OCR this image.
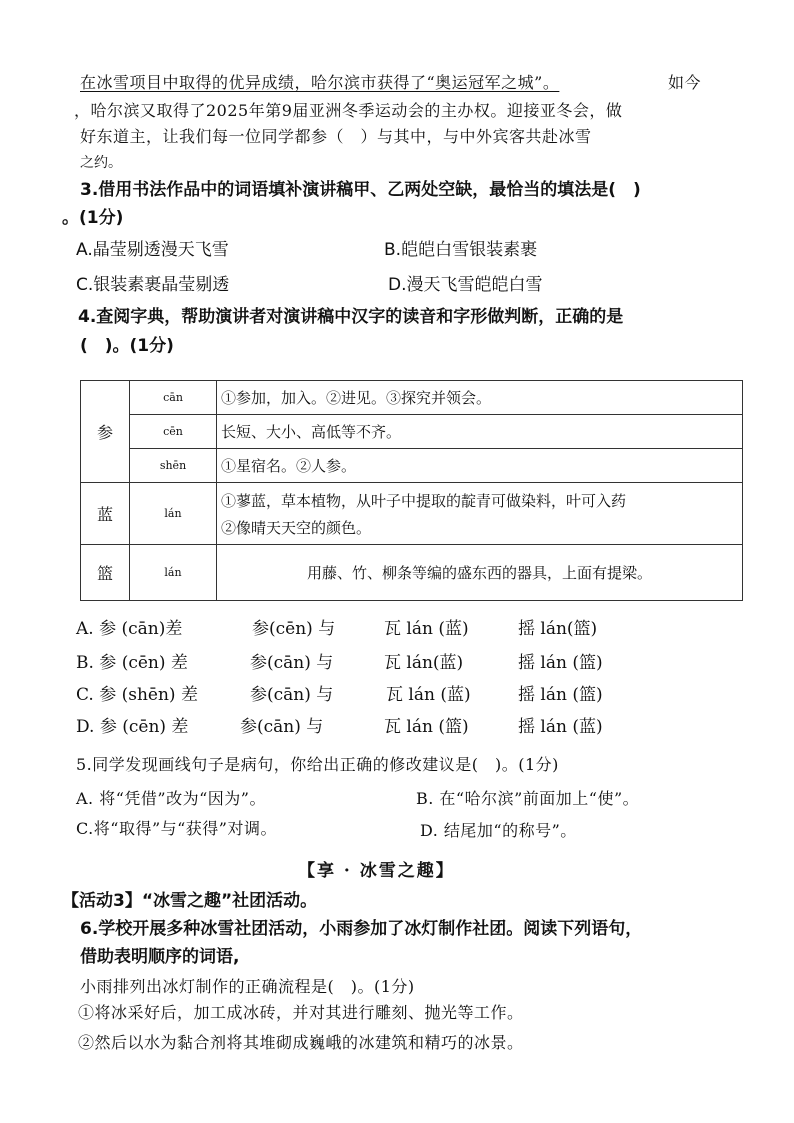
在冰雪项目中取得的优异成绩，哈尔滨市获得了“奥运冠军之城”。	如今
，哈尔滨又取得了2025年第9届亚洲冬季运动会的主办权。迎接亚冬会，做
好东道主，让我们每一位同学都参（　）与其中，与中外宾客共赴冰雪
之约。
3.借用书法作品中的词语填补演讲稿甲、乙两处空缺，最恰当的填法是(　)
。(1分)
A.晶莹剔透漫天飞雪	B.皑皑白雪银装素裹
C.银装素裹晶莹剔透	D.漫天飞雪皑皑白雪
4.查阅字典，帮助演讲者对演讲稿中汉字的读音和字形做判断，正确的是
(　)。(1分)
参	cān	①参加，加入。②进见。③探究并领会。
	cēn	长短、大小、高低等不齐。
	shēn	①星宿名。②人参。
蓝	lán	①蓼蓝，草本植物，从叶子中提取的靛青可做染料，叶可入药
②像晴天天空的颜色。

篮	lán	用藤、竹、柳条等编的盛东西的器具，上面有提梁。
A. 参 (cān)差	参(cēn) 与	瓦 lán (蓝)	摇 lán(篮)
B. 参 (cēn) 差	参(cān) 与	瓦 lán(蓝)	摇 lán (篮)
C. 参 (shēn) 差	参(cān) 与	瓦 lán (蓝)	摇 lán (篮)
D. 参 (cēn) 差	参(cān) 与	瓦 lán (篮)	摇 lán (蓝)
5.同学发现画线句子是病句，你给出正确的修改建议是(　)。(1分)
A. 将“凭借”改为“因为”。	B. 在“哈尔滨”前面加上“使”。
C.将“取得”与“获得”对调。	D. 结尾加“的称号”。
【享 · 冰雪之趣】
【活动3】“冰雪之趣”社团活动。
6.学校开展多种冰雪社团活动，小雨参加了冰灯制作社团。阅读下列语句，
借助表明顺序的词语,
小雨排列出冰灯制作的正确流程是(　)。(1分)
①将冰采好后，加工成冰砖，并对其进行雕刻、抛光等工作。
②然后以水为黏合剂将其堆砌成巍峨的冰建筑和精巧的冰景。
